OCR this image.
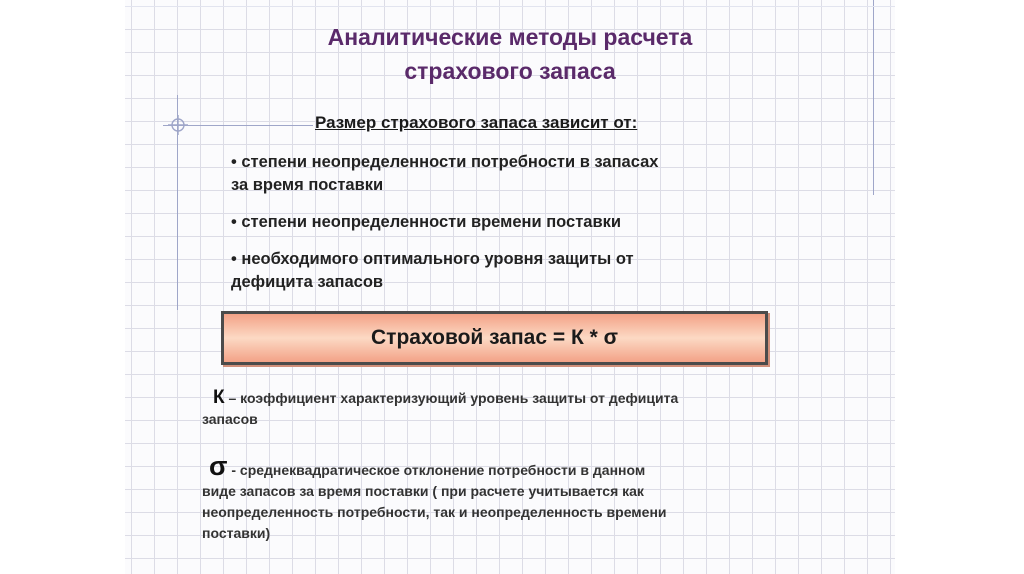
Аналитические методы расчета
страхового запаса
Размер страхового запаса зависит от:
• степени неопределенности потребности в запасах
за время поставки
• степени неопределенности времени поставки
• необходимого оптимального уровня защиты от
дефицита запасов
Страховой запас = К * σ
К – коэффициент характеризующий уровень защиты от дефицита
запасов
σ - среднеквадратическое отклонение потребности в данном
виде запасов за время поставки ( при расчете учитывается как
неопределенность потребности, так и неопределенность времени
поставки)
